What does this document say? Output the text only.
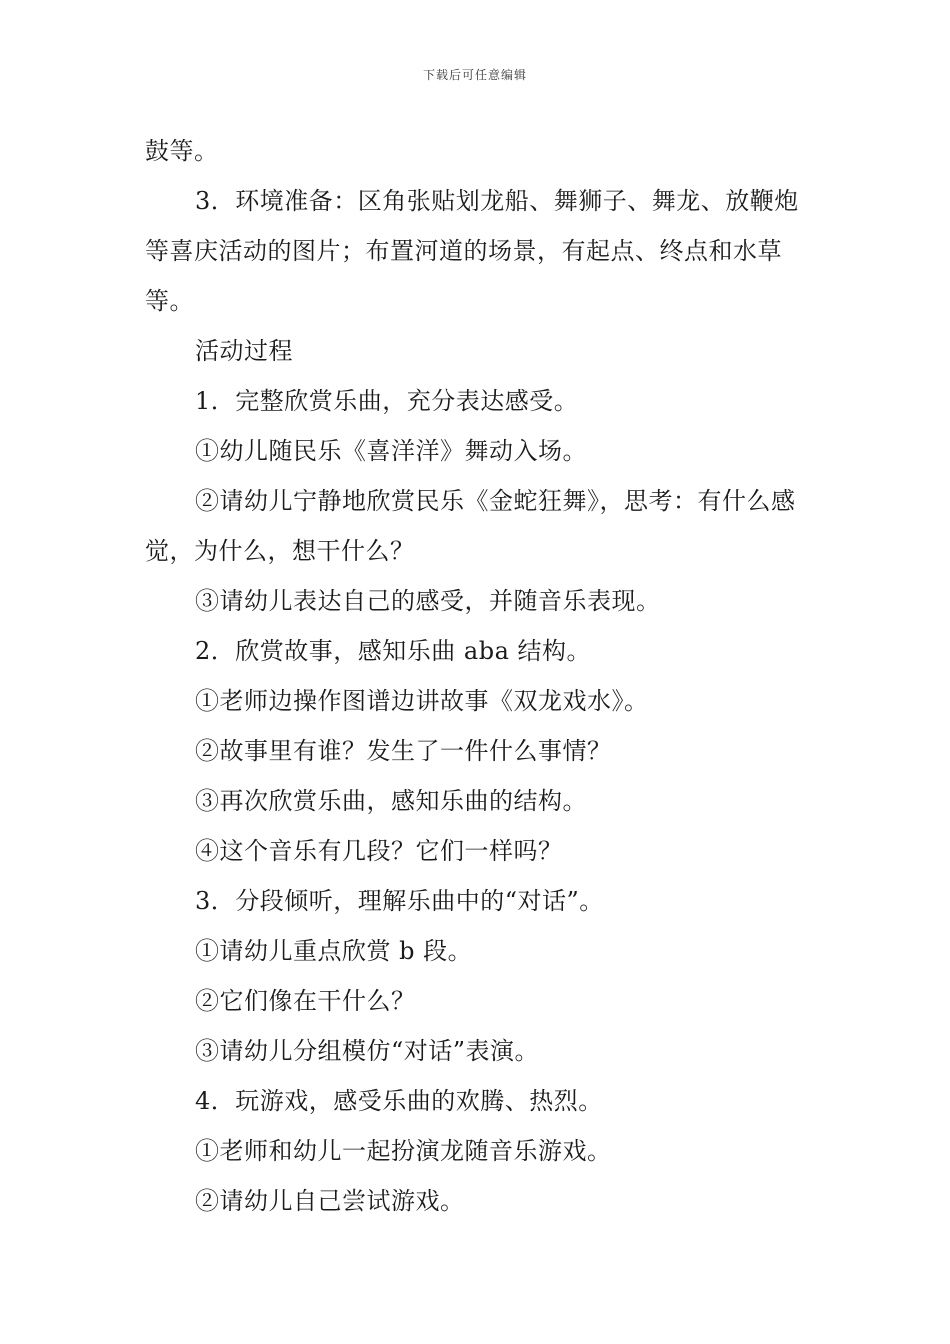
下载后可任意编辑

鼓等。

3．环境准备：区角张贴划龙船、舞狮子、舞龙、放鞭炮等喜庆活动的图片；布置河道的场景，有起点、终点和水草等。

活动过程

1．完整欣赏乐曲，充分表达感受。

①幼儿随民乐《喜洋洋》舞动入场。

②请幼儿宁静地欣赏民乐《金蛇狂舞》，思考：有什么感觉，为什么，想干什么？

③请幼儿表达自己的感受，并随音乐表现。

2．欣赏故事，感知乐曲 aba 结构。

①老师边操作图谱边讲故事《双龙戏水》。

②故事里有谁？发生了一件什么事情？

③再次欣赏乐曲，感知乐曲的结构。

④这个音乐有几段？它们一样吗？

3．分段倾听，理解乐曲中的“对话”。

①请幼儿重点欣赏 b 段。

②它们像在干什么？

③请幼儿分组模仿“对话”表演。

4．玩游戏，感受乐曲的欢腾、热烈。

①老师和幼儿一起扮演龙随音乐游戏。

②请幼儿自己尝试游戏。
